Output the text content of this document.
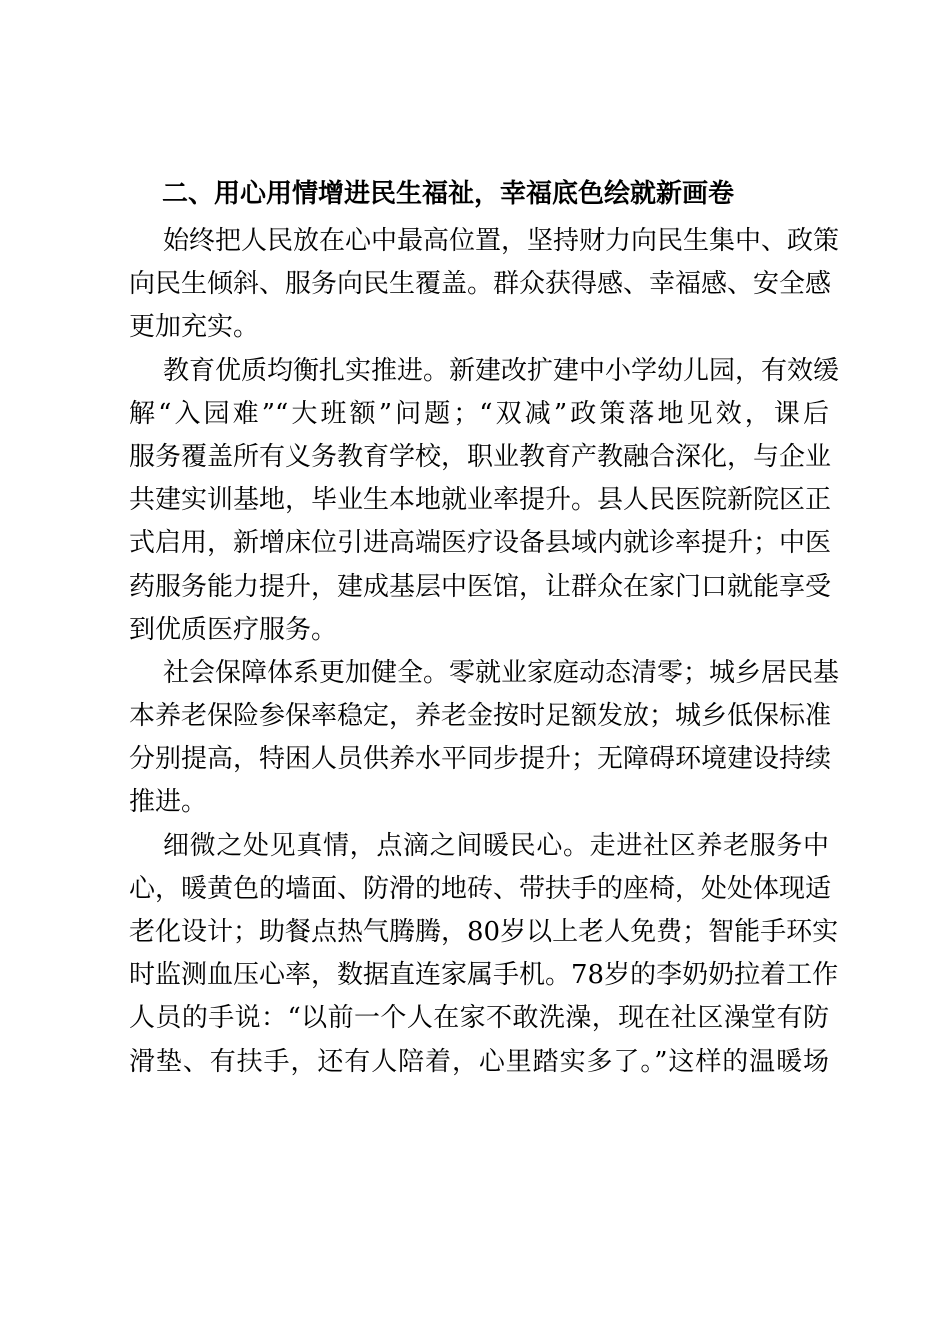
二、用心用情增进民生福祉，幸福底色绘就新画卷

始终把人民放在心中最高位置，坚持财力向民生集中、政策
向民生倾斜、服务向民生覆盖。群众获得感、幸福感、安全感
更加充实。

教育优质均衡扎实推进。新建改扩建中小学幼儿园，有效缓
解“入园难”“大班额”问题；“双减”政策落地见效，课后
服务覆盖所有义务教育学校，职业教育产教融合深化，与企业
共建实训基地，毕业生本地就业率提升。县人民医院新院区正
式启用，新增床位引进高端医疗设备县域内就诊率提升；中医
药服务能力提升，建成基层中医馆，让群众在家门口就能享受
到优质医疗服务。

社会保障体系更加健全。零就业家庭动态清零；城乡居民基
本养老保险参保率稳定，养老金按时足额发放；城乡低保标准
分别提高，特困人员供养水平同步提升；无障碍环境建设持续
推进。

细微之处见真情，点滴之间暖民心。走进社区养老服务中
心，暖黄色的墙面、防滑的地砖、带扶手的座椅，处处体现适
老化设计；助餐点热气腾腾，80岁以上老人免费；智能手环实
时监测血压心率，数据直连家属手机。78岁的李奶奶拉着工作
人员的手说：“以前一个人在家不敢洗澡，现在社区澡堂有防
滑垫、有扶手，还有人陪着，心里踏实多了。”这样的温暖场
